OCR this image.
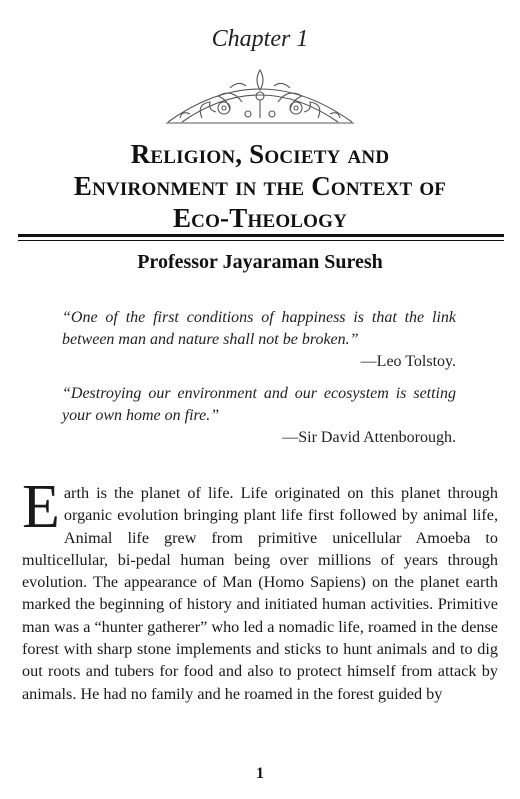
Chapter 1
Religion, Society and
Environment in the Context of
Eco-Theology
Professor Jayaraman Suresh
“One of the first conditions of happiness is that the link between man and nature shall not be broken.”
—Leo Tolstoy.
“Destroying our environment and our ecosystem is setting your own home on fire.”
—Sir David Attenborough.
Earth is the planet of life. Life originated on this planet through organic evolution bringing plant life first followed by animal life, Animal life grew from primitive unicellular Amoeba to multicellular, bi-pedal human being over millions of years through evolution. The appearance of Man (Homo Sapiens) on the planet earth marked the beginning of history and initiated human activities. Primitive man was a “hunter gatherer” who led a nomadic life, roamed in the dense forest with sharp stone implements and sticks to hunt animals and to dig out roots and tubers for food and also to protect himself from attack by animals. He had no family and he roamed in the forest guided by
1
